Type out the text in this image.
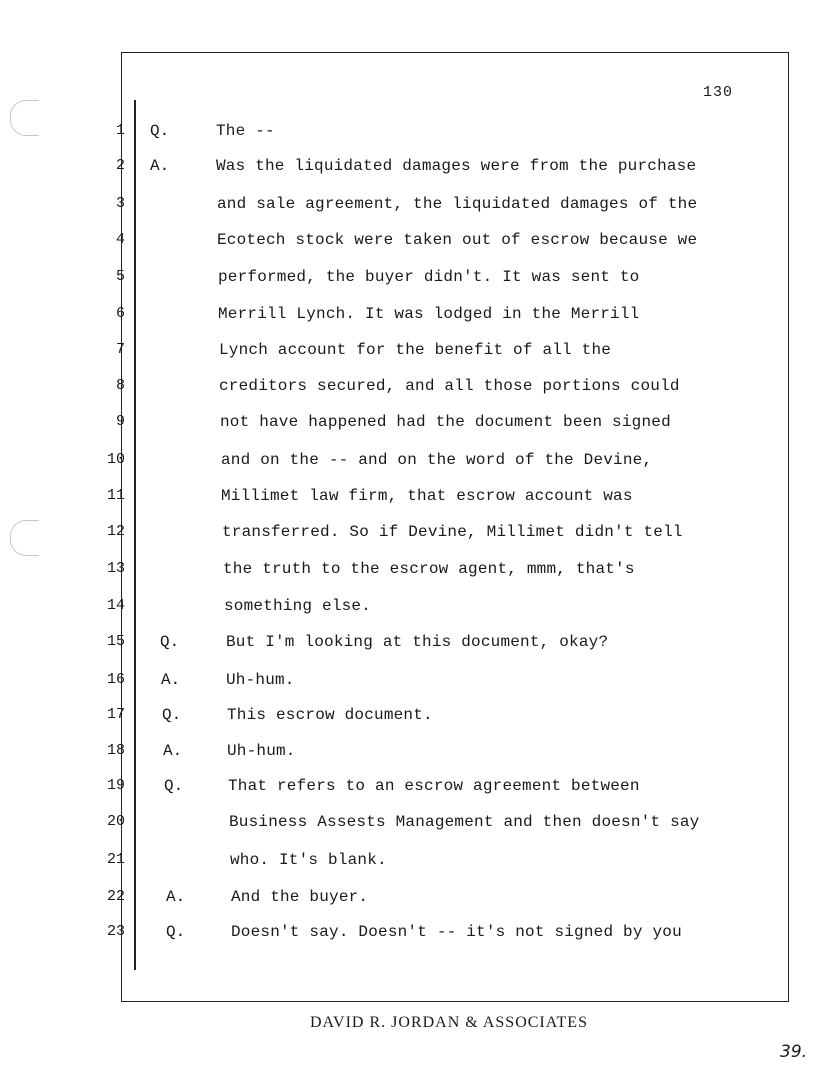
130
1 Q.	The --
2 A.	Was the liquidated damages were from the purchase
3	and sale agreement, the liquidated damages of the
4	Ecotech stock were taken out of escrow because we
5	performed, the buyer didn't. It was sent to
6	Merrill Lynch. It was lodged in the Merrill
7	Lynch account for the benefit of all the
8	creditors secured, and all those portions could
9	not have happened had the document been signed
10	and on the -- and on the word of the Devine,
11	Millimet law firm, that escrow account was
12	transferred. So if Devine, Millimet didn't tell
13	the truth to the escrow agent, mmm, that's
14	something else.
15 Q.	But I'm looking at this document, okay?
16 A.	Uh-hum.
17 Q.	This escrow document.
18 A.	Uh-hum.
19 Q.	That refers to an escrow agreement between
20	Business Assests Management and then doesn't say
21	who. It's blank.
22	A.	And the buyer.
23	Q.	Doesn't say. Doesn't -- it's not signed by you
DAVID R. JORDAN & ASSOCIATES
39.
